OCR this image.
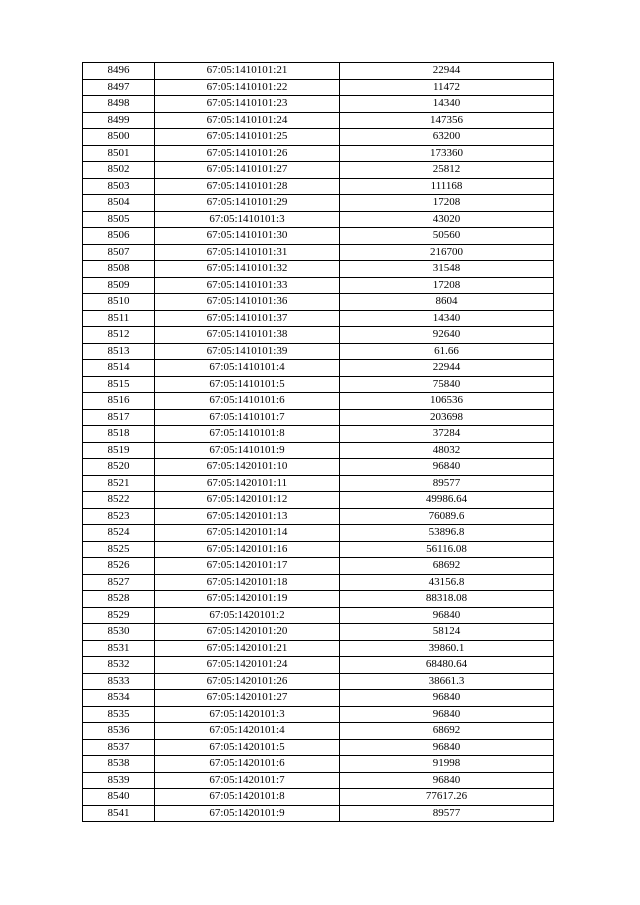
8496	67:05:1410101:21	22944
8497	67:05:1410101:22	11472
8498	67:05:1410101:23	14340
8499	67:05:1410101:24	147356
8500	67:05:1410101:25	63200
8501	67:05:1410101:26	173360
8502	67:05:1410101:27	25812
8503	67:05:1410101:28	111168
8504	67:05:1410101:29	17208
8505	67:05:1410101:3	43020
8506	67:05:1410101:30	50560
8507	67:05:1410101:31	216700
8508	67:05:1410101:32	31548
8509	67:05:1410101:33	17208
8510	67:05:1410101:36	8604
8511	67:05:1410101:37	14340
8512	67:05:1410101:38	92640
8513	67:05:1410101:39	61.66
8514	67:05:1410101:4	22944
8515	67:05:1410101:5	75840
8516	67:05:1410101:6	106536
8517	67:05:1410101:7	203698
8518	67:05:1410101:8	37284
8519	67:05:1410101:9	48032
8520	67:05:1420101:10	96840
8521	67:05:1420101:11	89577
8522	67:05:1420101:12	49986.64
8523	67:05:1420101:13	76089.6
8524	67:05:1420101:14	53896.8
8525	67:05:1420101:16	56116.08
8526	67:05:1420101:17	68692
8527	67:05:1420101:18	43156.8
8528	67:05:1420101:19	88318.08
8529	67:05:1420101:2	96840
8530	67:05:1420101:20	58124
8531	67:05:1420101:21	39860.1
8532	67:05:1420101:24	68480.64
8533	67:05:1420101:26	38661.3
8534	67:05:1420101:27	96840
8535	67:05:1420101:3	96840
8536	67:05:1420101:4	68692
8537	67:05:1420101:5	96840
8538	67:05:1420101:6	91998
8539	67:05:1420101:7	96840
8540	67:05:1420101:8	77617.26
8541	67:05:1420101:9	89577
